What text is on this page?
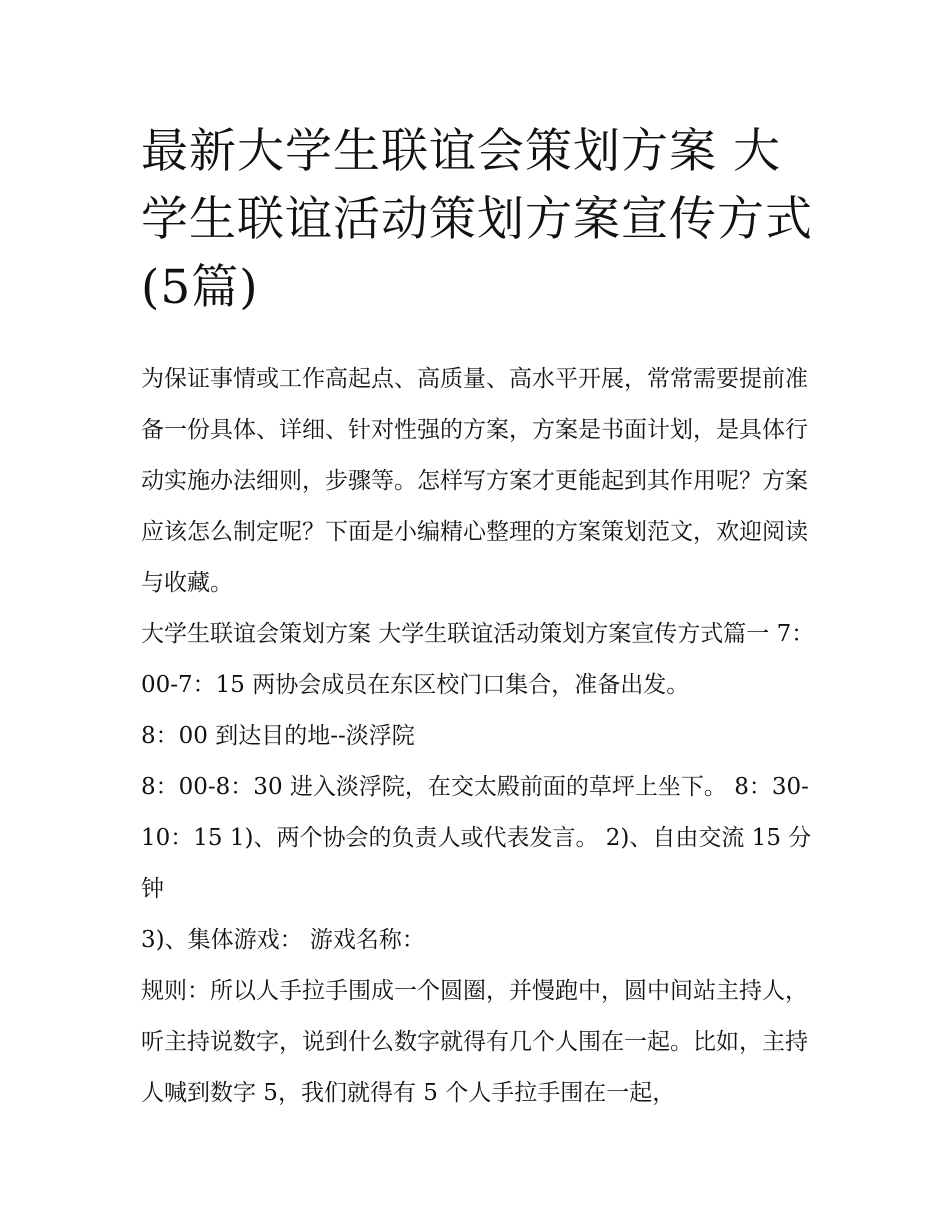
最新大学生联谊会策划方案 大学生联谊活动策划方案宣传方式(5篇)

为保证事情或工作高起点、高质量、高水平开展，常常需要提前准备一份具体、详细、针对性强的方案，方案是书面计划，是具体行动实施办法细则，步骤等。怎样写方案才更能起到其作用呢？方案应该怎么制定呢？下面是小编精心整理的方案策划范文，欢迎阅读与收藏。

大学生联谊会策划方案 大学生联谊活动策划方案宣传方式篇一 7：00-7：15 两协会成员在东区校门口集合，准备出发。

8：00 到达目的地--淡浮院

8：00-8：30 进入淡浮院，在交太殿前面的草坪上坐下。 8：30-10：15 1)、两个协会的负责人或代表发言。 2)、自由交流 15 分钟

3)、集体游戏： 游戏名称：

规则：所以人手拉手围成一个圆圈，并慢跑中，圆中间站主持人，听主持说数字，说到什么数字就得有几个人围在一起。比如，主持人喊到数字 5，我们就得有 5 个人手拉手围在一起，
